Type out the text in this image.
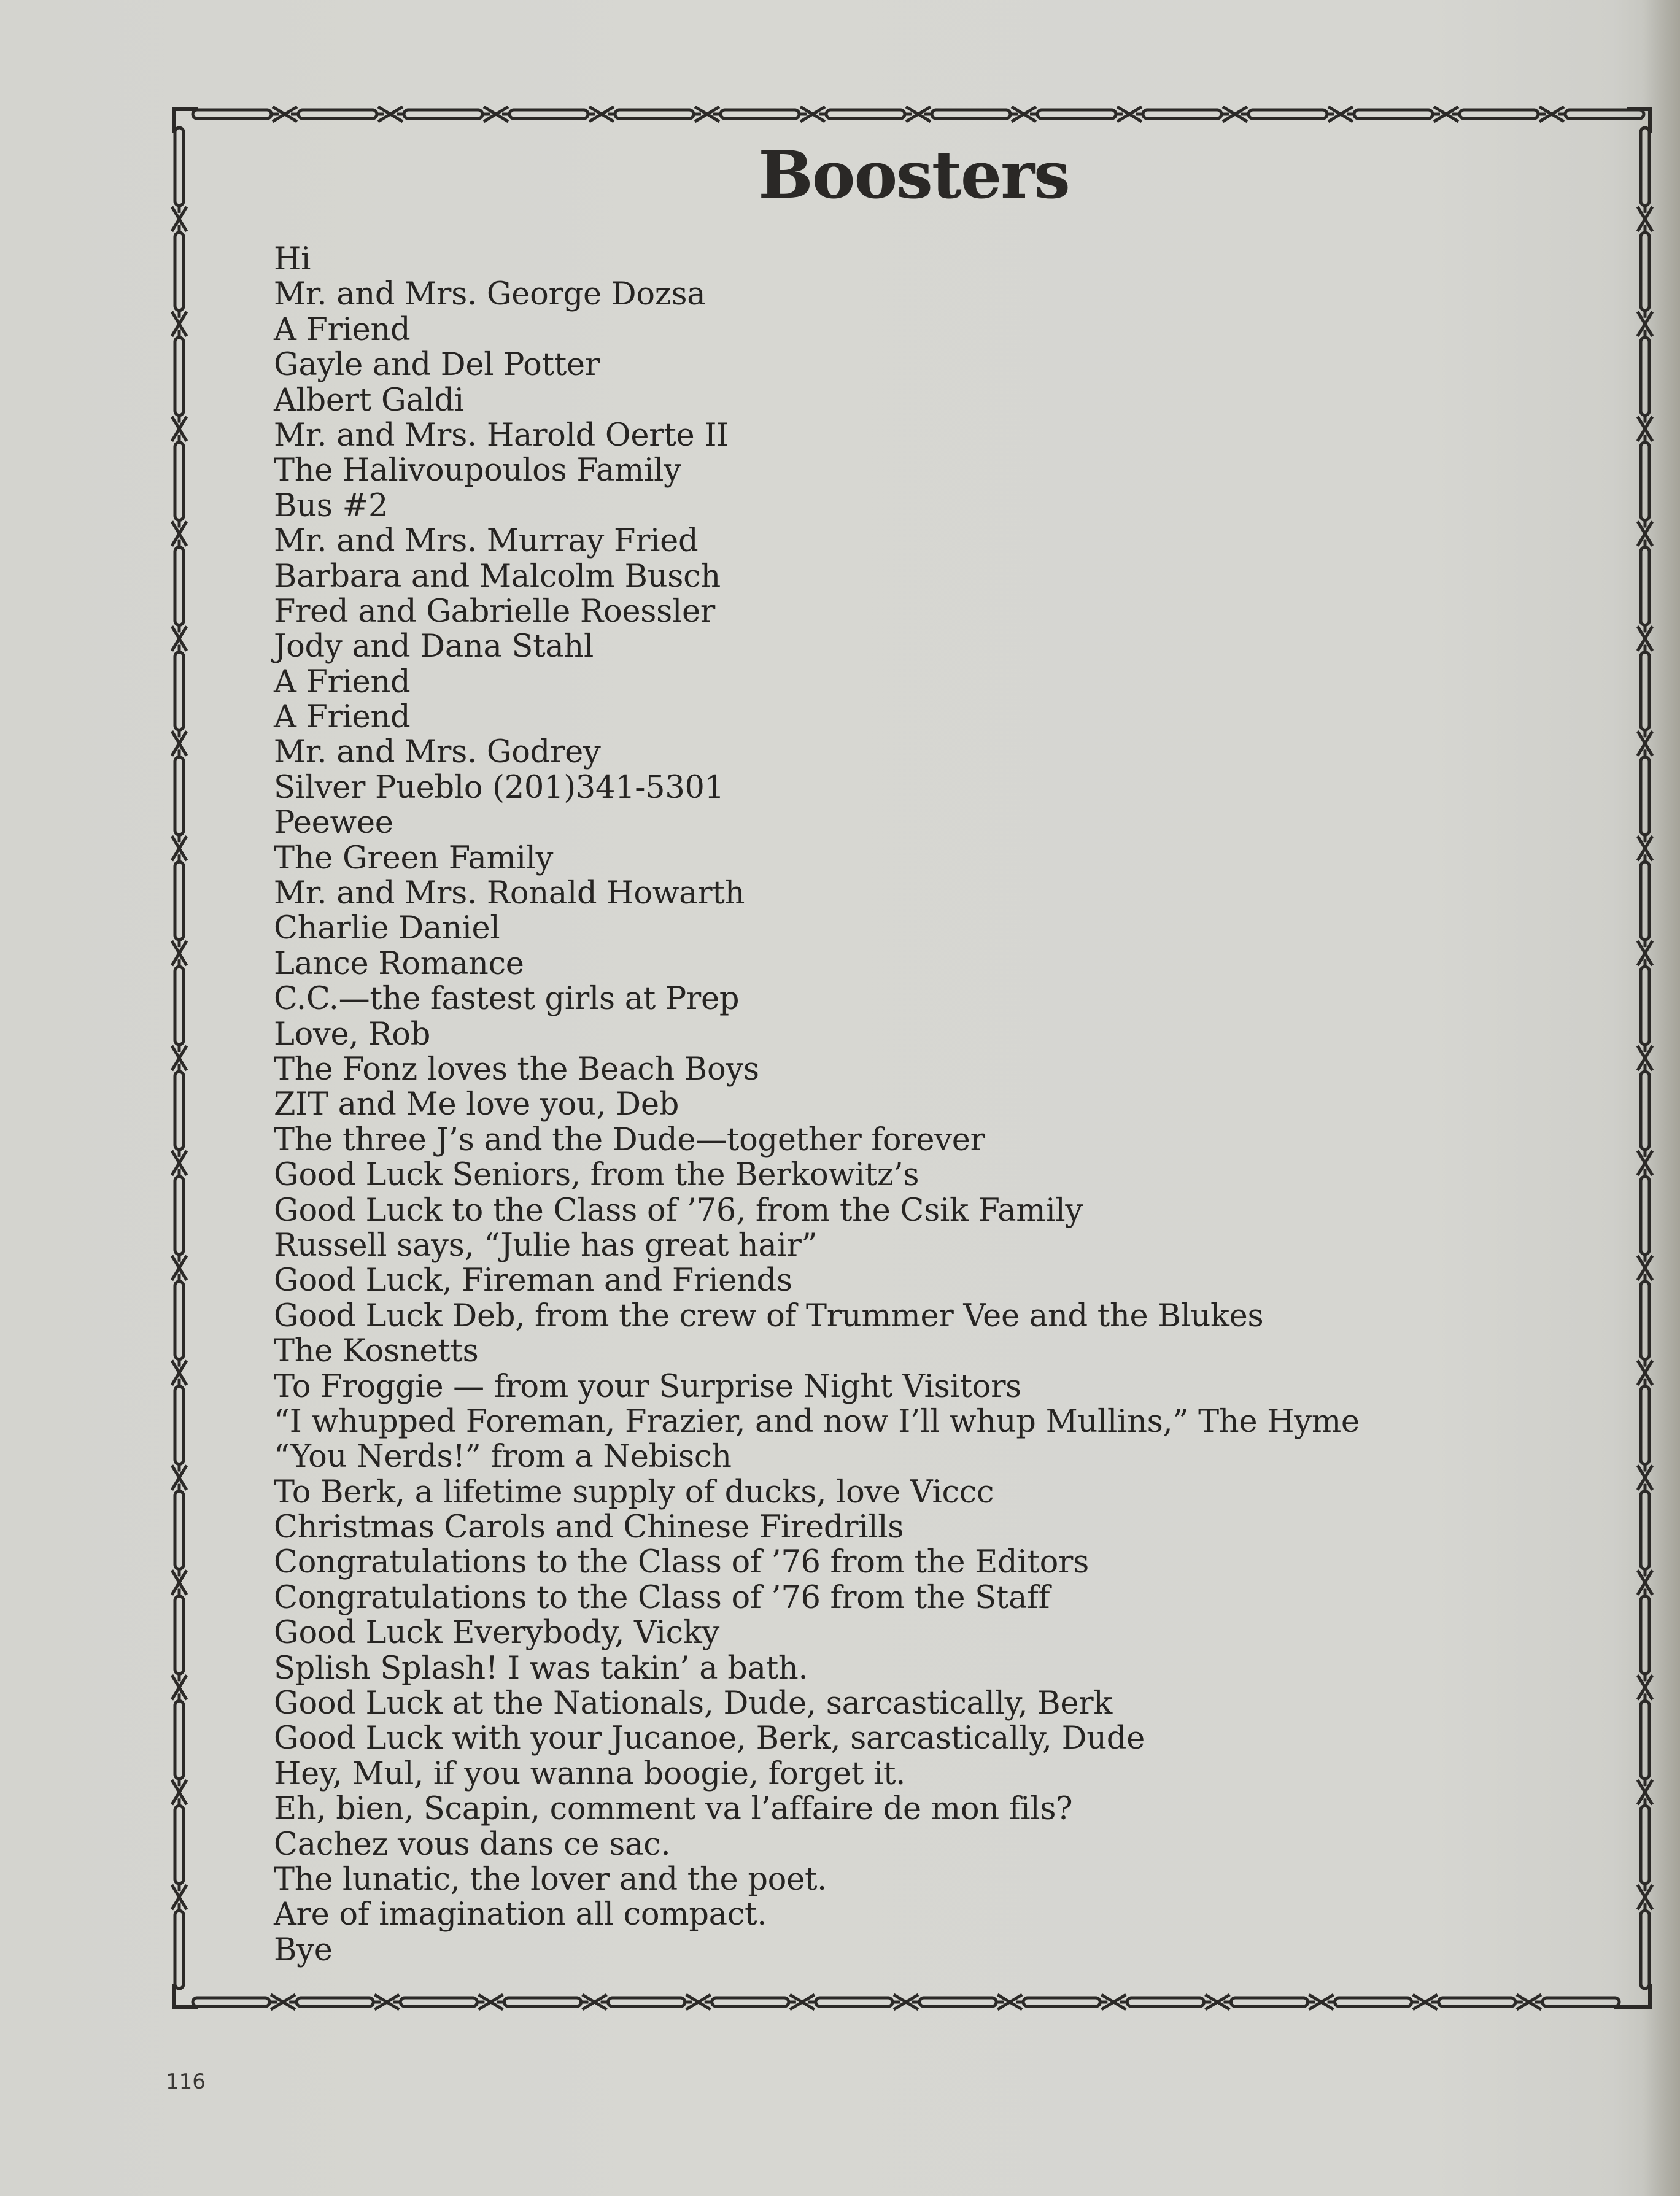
Boosters
Hi
Mr. and Mrs. George Dozsa
A Friend
Gayle and Del Potter
Albert Galdi
Mr. and Mrs. Harold Oerte II
The Halivoupoulos Family
Bus #2
Mr. and Mrs. Murray Fried
Barbara and Malcolm Busch
Fred and Gabrielle Roessler
Jody and Dana Stahl
A Friend
A Friend
Mr. and Mrs. Godrey
Silver Pueblo (201)341-5301
Peewee
The Green Family
Mr. and Mrs. Ronald Howarth
Charlie Daniel
Lance Romance
C.C.—the fastest girls at Prep
Love, Rob
The Fonz loves the Beach Boys
ZIT and Me love you, Deb
The three J’s and the Dude—together forever
Good Luck Seniors, from the Berkowitz’s
Good Luck to the Class of ’76, from the Csik Family
Russell says, “Julie has great hair”
Good Luck, Fireman and Friends
Good Luck Deb, from the crew of Trummer Vee and the Blukes
The Kosnetts
To Froggie — from your Surprise Night Visitors
“I whupped Foreman, Frazier, and now I’ll whup Mullins,” The Hyme
“You Nerds!” from a Nebisch
To Berk, a lifetime supply of ducks, love Viccc
Christmas Carols and Chinese Firedrills
Congratulations to the Class of ’76 from the Editors
Congratulations to the Class of ’76 from the Staff
Good Luck Everybody, Vicky
Splish Splash! I was takin’ a bath.
Good Luck at the Nationals, Dude, sarcastically, Berk
Good Luck with your Jucanoe, Berk, sarcastically, Dude
Hey, Mul, if you wanna boogie, forget it.
Eh, bien, Scapin, comment va l’affaire de mon fils?
Cachez vous dans ce sac.
The lunatic, the lover and the poet.
Are of imagination all compact.
Bye
116
